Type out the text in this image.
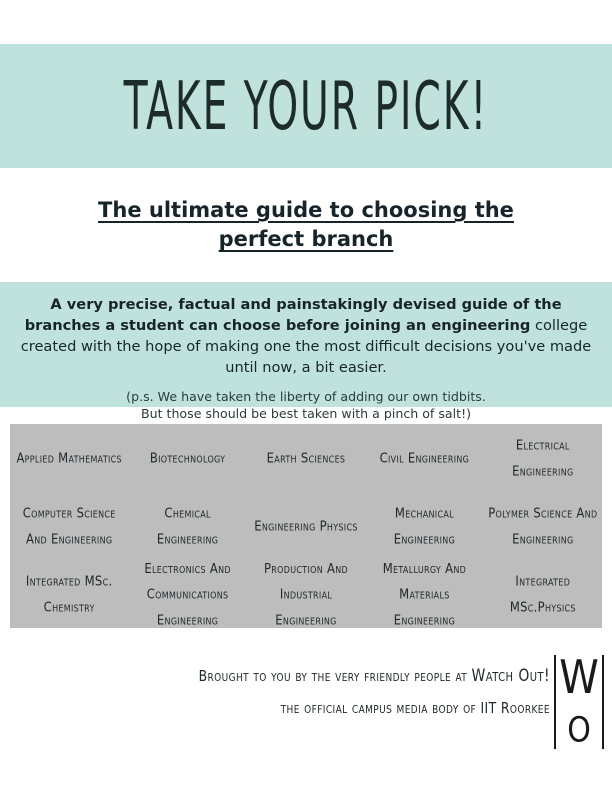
TAKE YOUR PICK!
The ultimate guide to choosing the perfect branch
A very precise, factual and painstakingly devised guide of the branches a student can choose before joining an engineering college created with the hope of making one the most difficult decisions you've made until now, a bit easier.
(p.s. We have taken the liberty of adding our own tidbits.
But those should be best taken with a pinch of salt!)
Applied Mathematics Biotechnology	Earth Sciences	Civil Engineering
Electrical Engineering
Computer Science And Engineering
Chemical Engineering
Engineering Physics
Mechanical Engineering
Polymer Science And Engineering
Integrated MSc. Chemistry
Electronics And Communications Engineering
Production And Industrial Engineering
Metallurgy And Materials Engineering
Integrated MSc.Physics
Brought to you by the very friendly people at Watch Out!
the official campus media body of IIT Roorkee
W
O
